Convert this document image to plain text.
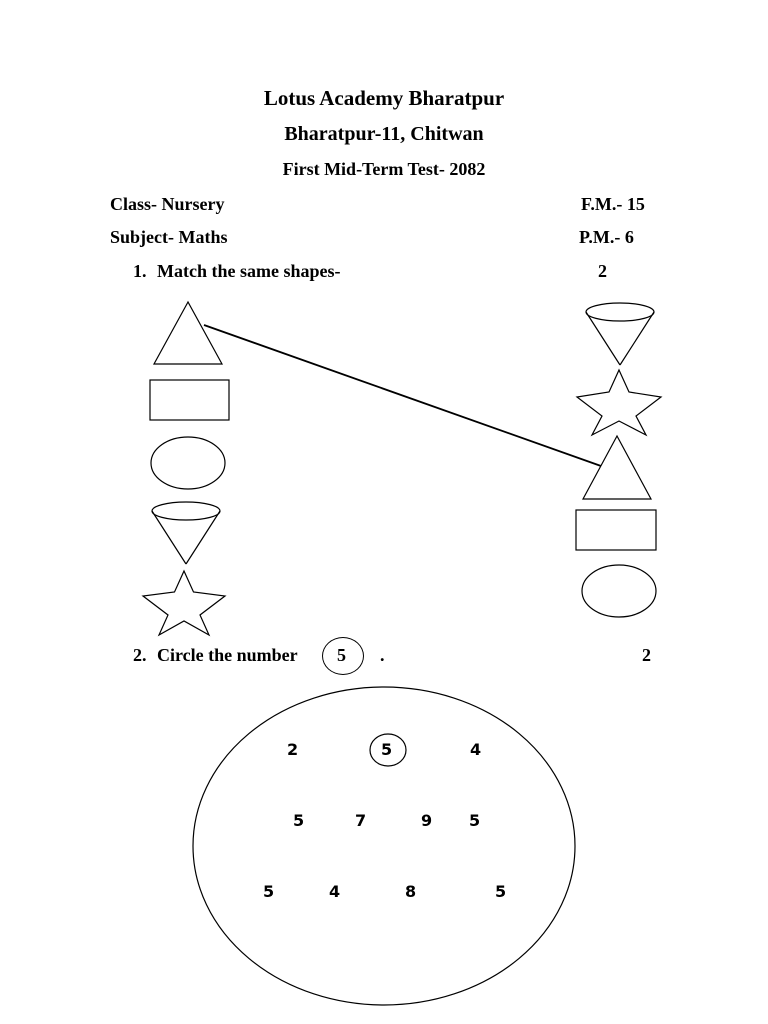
Lotus Academy Bharatpur
Bharatpur-11, Chitwan
First Mid-Term Test- 2082
Class- Nursery	F.M.- 15
Subject- Maths	P.M.- 6
1. Match the same shapes-	2
2. Circle the number 5 .	2
2	5	4
5	7	9 5
5	4	8	5
